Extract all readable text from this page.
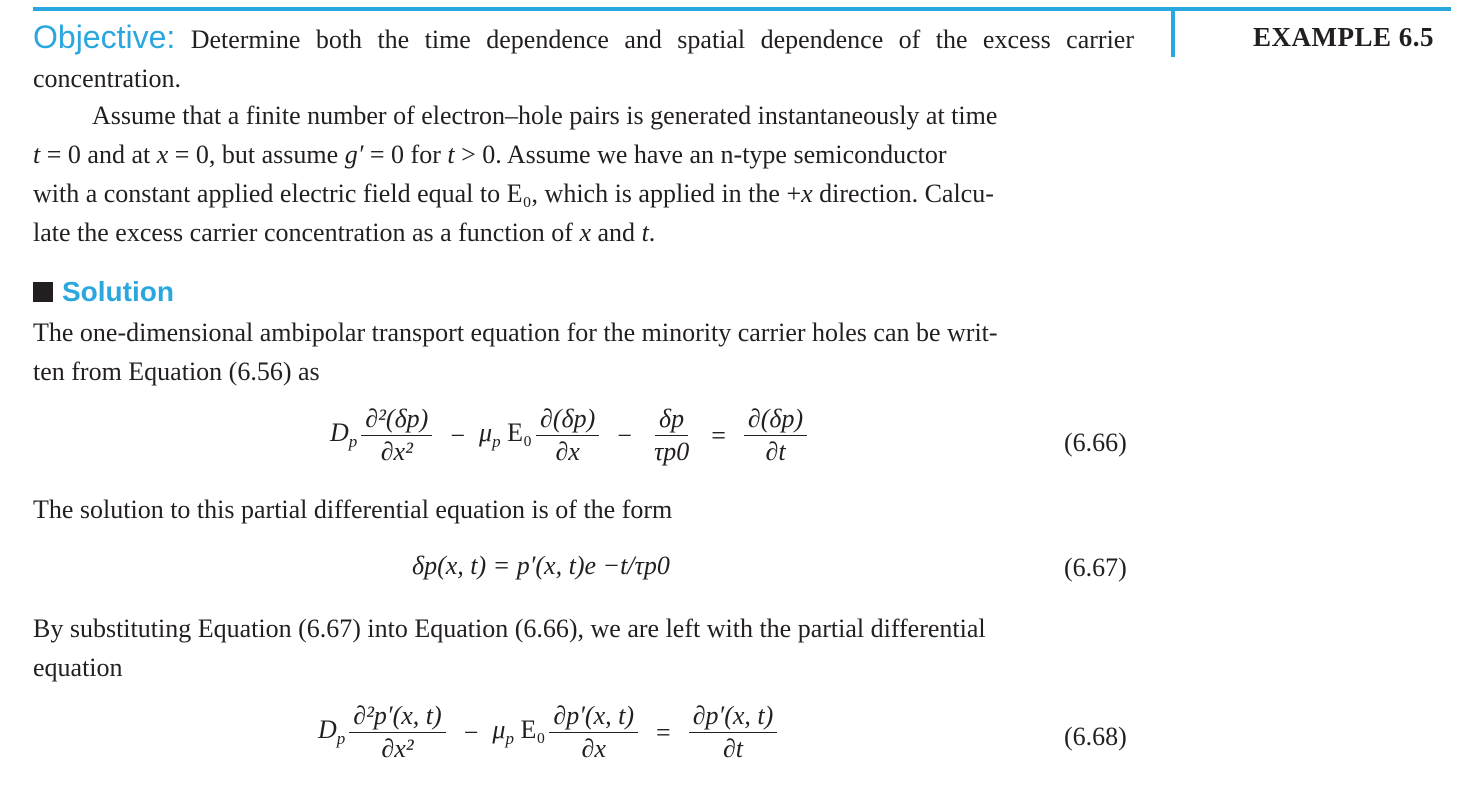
EXAMPLE 6.5
Objective: Determine both the time dependence and spatial dependence of the excess carrier concentration.
Assume that a finite number of electron–hole pairs is generated instantaneously at time
t = 0 and at x = 0, but assume g′ = 0 for t > 0. Assume we have an n-type semiconductor
with a constant applied electric field equal to E₀, which is applied in the +x direction. Calcu-
late the excess carrier concentration as a function of x and t.
Solution
The one-dimensional ambipolar transport equation for the minority carrier holes can be writ-
ten from Equation (6.56) as
$D_p \frac{\text{∂²(δp)}}{\text{∂x²}} - \mu_p$ $E_0 \frac{\partial(\delta p)}{\partial x} - \frac{\delta p}{\tau p0} = \frac{\partial(\delta p)}{\partial t}$	(6.66)
The solution to this partial differential equation is of the form
δp(x, t) = p′(x, t)e −t/τp0	(6.67)
By substituting Equation (6.67) into Equation (6.66), we are left with the partial differential
equation
$D_p \frac{\text{∂²p′(x, t)}}{\text{∂x²}} - \mu_p$ $E_0 \frac{\partial p'(x, t)}{\partial x} = \frac{\partial p'(x, t)}{\partial t}$	(6.68)
